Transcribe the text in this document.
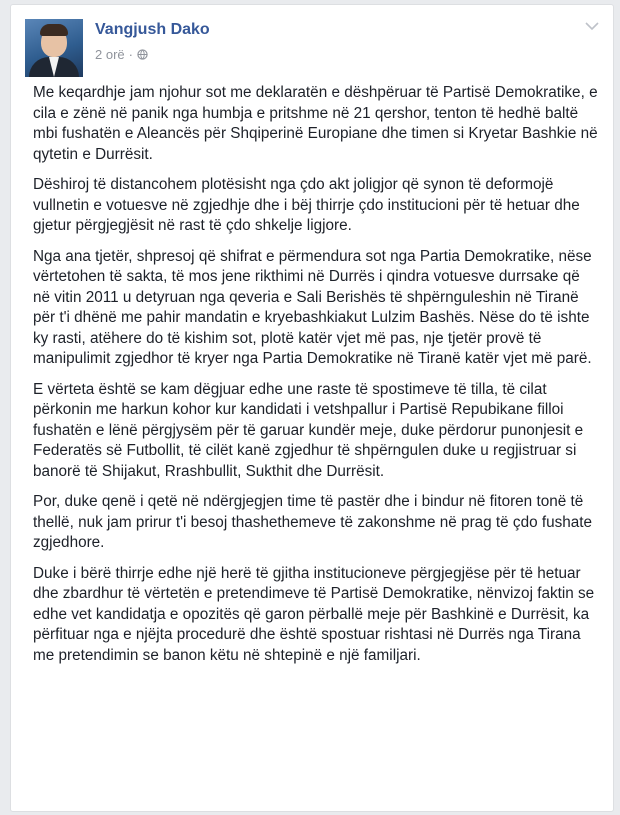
Vangjush Dako
2 orë ·

Me keqardhje jam njohur sot me deklaratën e dëshpëruar të Partisë Demokratike, e cila e zënë në panik nga humbja e pritshme në 21 qershor, tenton të hedhë baltë mbi fushatën e Aleancës për Shqiperinë Europiane dhe timen si Kryetar Bashkie në qytetin e Durrësit.

Dëshiroj të distancohem plotësisht nga çdo akt joligjor që synon të deformojë vullnetin e votuesve në zgjedhje dhe i bëj thirrje çdo institucioni për të hetuar dhe gjetur përgjegjësit në rast të çdo shkelje ligjore.

Nga ana tjetër, shpresoj që shifrat e përmendura sot nga Partia Demokratike, nëse vërtetohen të sakta, të mos jene rikthimi në Durrës i qindra votuesve durrsake që në vitin 2011 u detyruan nga qeveria e Sali Berishës të shpërnguleshin në Tiranë për t'i dhënë me pahir mandatin e kryebashkiakut Lulzim Bashës. Nëse do të ishte ky rasti, atëhere do të kishim sot, plotë katër vjet më pas, nje tjetër provë të manipulimit zgjedhor të kryer nga Partia Demokratike në Tiranë katër vjet më parë.

E vërteta është se kam dëgjuar edhe une raste të spostimeve të tilla, të cilat përkonin me harkun kohor kur kandidati i vetshpallur i Partisë Repubikane filloi fushatën e lënë përgjysëm për të garuar kundër meje, duke përdorur punonjesit e Federatës së Futbollit, të cilët kanë zgjedhur të shpërngulen duke u regjistruar si banorë të Shijakut, Rrashbullit, Sukthit dhe Durrësit.

Por, duke qenë i qetë në ndërgjegjen time të pastër dhe i bindur në fitoren tonë të thellë, nuk jam prirur t'i besoj thashethemeve të zakonshme në prag të çdo fushate zgjedhore.

Duke i bërë thirrje edhe një herë të gjitha institucioneve përgjegjëse për të hetuar dhe zbardhur të vërtetën e pretendimeve të Partisë Demokratike, nënvizoj faktin se edhe vet kandidatja e opozitës që garon përballë meje për Bashkinë e Durrësit, ka përfituar nga e njëjta procedurë dhe është spostuar rishtasi në Durrës nga Tirana me pretendimin se banon këtu në shtepinë e një familjari.
